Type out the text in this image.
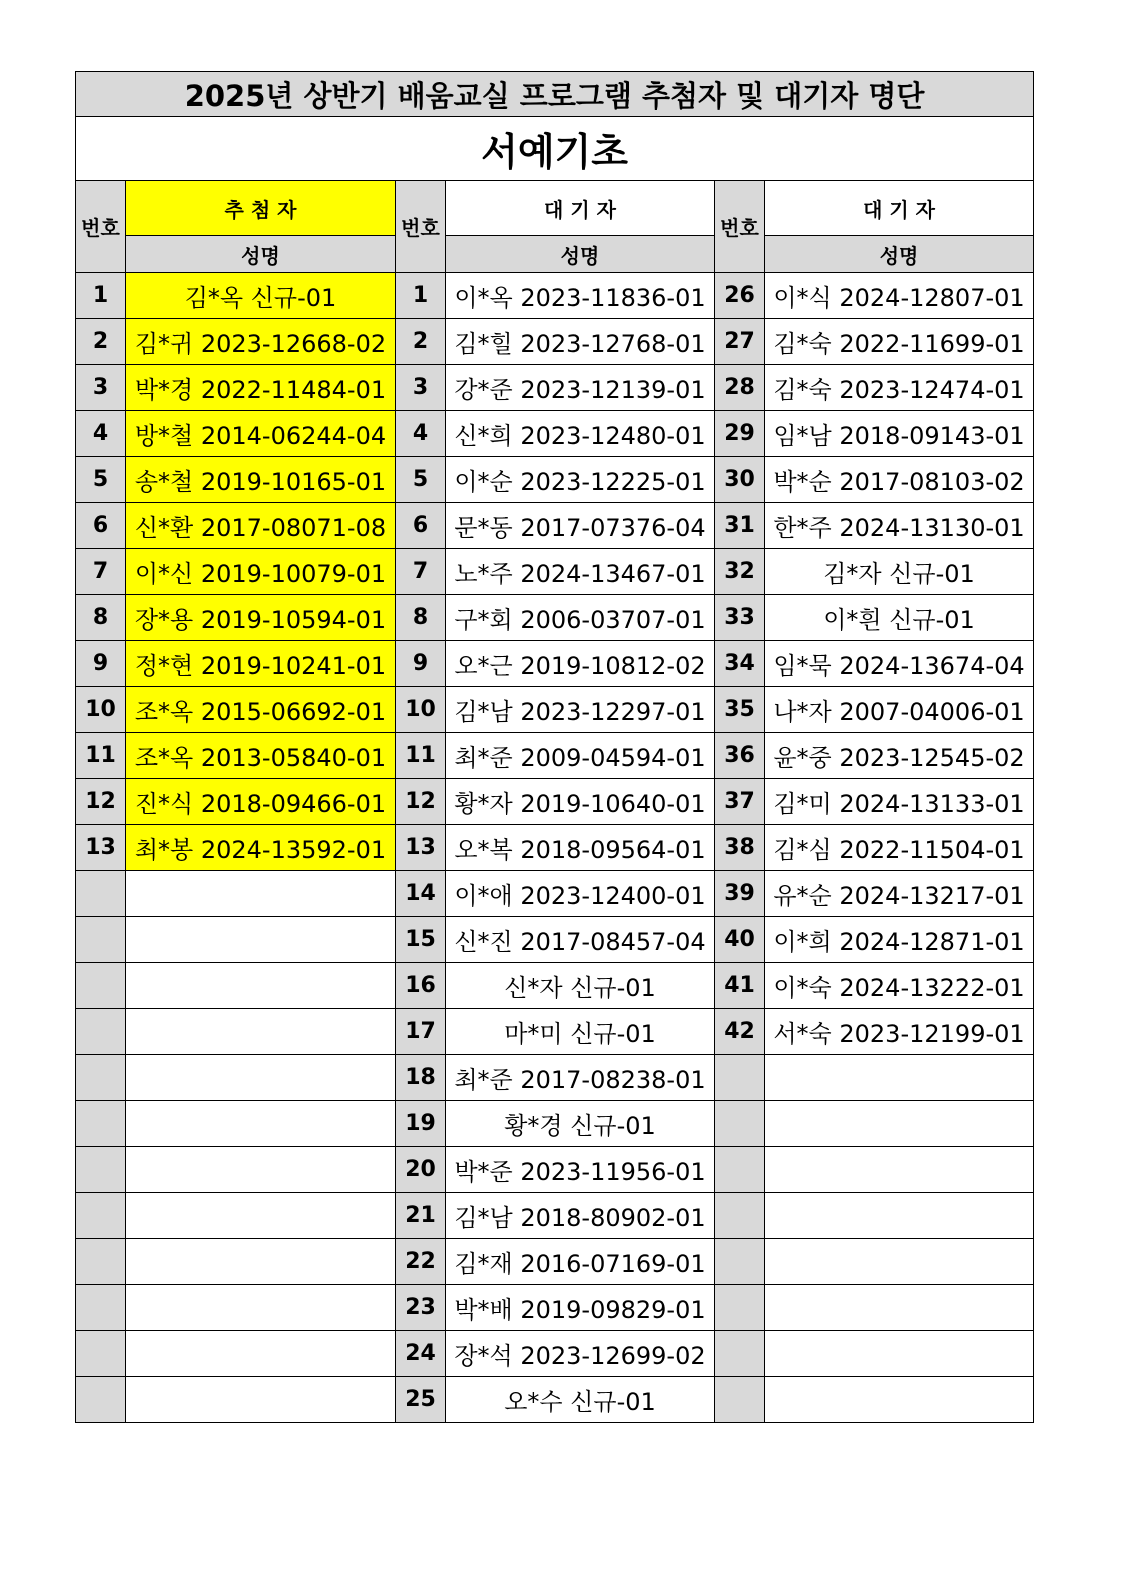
2025년 상반기 배움교실 프로그램 추첨자 및 대기자 명단					
서예기초					
번호	추 첨 자	번호	대 기 자	번호	대 기 자
	성명		성명		성명
1	김*옥 신규-01	1	이*옥 2023-11836-01	26	이*식 2024-12807-01
2	김*귀 2023-12668-02	2	김*힐 2023-12768-01	27	김*숙 2022-11699-01
3	박*경 2022-11484-01	3	강*준 2023-12139-01	28	김*숙 2023-12474-01
4	방*철 2014-06244-04	4	신*희 2023-12480-01	29	임*남 2018-09143-01
5	송*철 2019-10165-01	5	이*순 2023-12225-01	30	박*순 2017-08103-02
6	신*환 2017-08071-08	6	문*동 2017-07376-04	31	한*주 2024-13130-01
7	이*신 2019-10079-01	7	노*주 2024-13467-01	32	김*자 신규-01
8	장*용 2019-10594-01	8	구*회 2006-03707-01	33	이*흰 신규-01
9	정*현 2019-10241-01	9	오*근 2019-10812-02	34	임*묵 2024-13674-04
10	조*옥 2015-06692-01	10	김*남 2023-12297-01	35	나*자 2007-04006-01
11	조*옥 2013-05840-01	11	최*준 2009-04594-01	36	윤*중 2023-12545-02
12	진*식 2018-09466-01	12	황*자 2019-10640-01	37	김*미 2024-13133-01
13	최*봉 2024-13592-01	13	오*복 2018-09564-01	38	김*심 2022-11504-01
		14	이*애 2023-12400-01	39	유*순 2024-13217-01
		15	신*진 2017-08457-04	40	이*희 2024-12871-01
		16	신*자 신규-01	41	이*숙 2024-13222-01
		17	마*미 신규-01	42	서*숙 2023-12199-01
		18	최*준 2017-08238-01		
		19	황*경 신규-01		
		20	박*준 2023-11956-01		
		21	김*남 2018-80902-01		
		22	김*재 2016-07169-01		
		23	박*배 2019-09829-01		
		24	장*석 2023-12699-02		
		25	오*수 신규-01		
